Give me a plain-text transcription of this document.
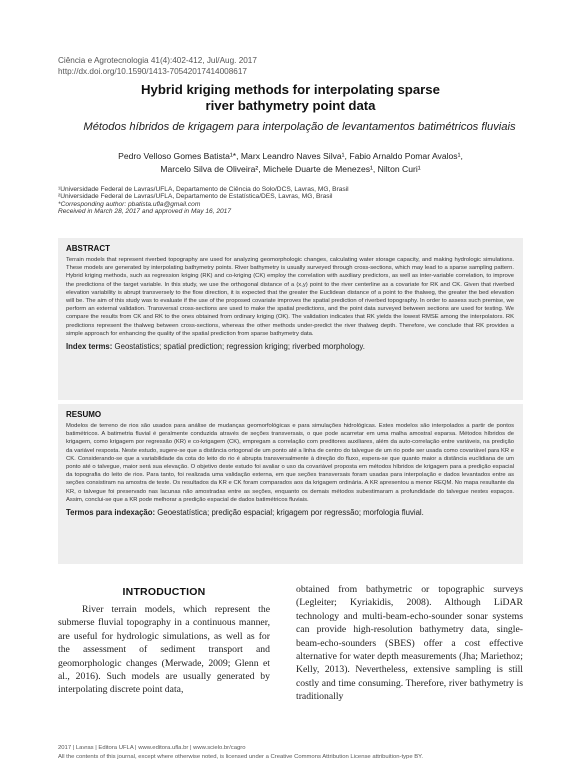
Ciência e Agrotecnologia 41(4):402-412, Jul/Aug. 2017
http://dx.doi.org/10.1590/1413-70542017414008617
Hybrid kriging methods for interpolating sparse
river bathymetry point data
Métodos híbridos de krigagem para interpolação de levantamentos batimétricos fluviais
Pedro Velloso Gomes Batista¹*, Marx Leandro Naves Silva¹, Fabio Arnaldo Pomar Avalos¹,
Marcelo Silva de Oliveira², Michele Duarte de Menezes¹, Nilton Curi¹
¹Universidade Federal de Lavras/UFLA, Departamento de Ciência do Solo/DCS, Lavras, MG, Brasil
²Universidade Federal de Lavras/UFLA, Departamento de Estatística/DES, Lavras, MG, Brasil
*Corresponding author: pbatista.ufla@gmail.com
Received in March 28, 2017 and approved in May 16, 2017
ABSTRACT
Terrain models that represent riverbed topography are used for analyzing geomorphologic changes, calculating water storage capacity, and making hydrologic simulations. These models are generated by interpolating bathymetry points. River bathymetry is usually surveyed through cross-sections, which may lead to a sparse sampling pattern. Hybrid kriging methods, such as regression kriging (RK) and co-kriging (CK) employ the correlation with auxiliary predictors, as well as inter-variable correlation, to improve the predictions of the target variable. In this study, we use the orthogonal distance of a (x,y) point to the river centerline as a covariate for RK and CK. Given that riverbed elevation variability is abrupt transversely to the flow direction, it is expected that the greater the Euclidean distance of a point to the thalweg, the greater the bed elevation will be. The aim of this study was to evaluate if the use of the proposed covariate improves the spatial prediction of riverbed topography. In order to assess such premise, we perform an external validation. Transversal cross-sections are used to make the spatial predictions, and the point data surveyed between sections are used for testing. We compare the results from CK and RK to the ones obtained from ordinary kriging (OK). The validation indicates that RK yields the lowest RMSE among the interpolators. RK predictions represent the thalweg between cross-sections, whereas the other methods under-predict the river thalweg depth. Therefore, we conclude that RK provides a simple approach for enhancing the quality of the spatial prediction from sparse bathymetry data.
Index terms: Geostatistics; spatial prediction; regression kriging; riverbed morphology.
RESUMO
Modelos de terreno de rios são usados para análise de mudanças geomorfológicas e para simulações hidrológicas. Estes modelos são interpolados a partir de pontos batimétricos. A batimetria fluvial é geralmente conduzida através de seções transversais, o que pode acarretar em uma malha amostral esparsa. Métodos híbridos de krigagem, como krigagem por regressão (KR) e co-krigagem (CK), empregam a correlação com preditores auxiliares, além da auto-correlação entre variáveis, na predição da variável resposta. Neste estudo, sugere-se que a distância ortogonal de um ponto até a linha de centro do talvegue de um rio pode ser usada como covariável para KR e CK. Considerando-se que a variabilidade da cota do leito do rio é abrupta transversalmente à direção do fluxo, espera-se que quanto maior a distância euclidiana de um ponto até o talvegue, maior será sua elevação. O objetivo deste estudo foi avaliar o uso da covariável proposta em métodos híbridos de krigagem para a predição espacial da topografia do leito de rios. Para tanto, foi realizada uma validação externa, em que seções transversais foram usadas para interpolação e dados levantados entre as seções consistiram na amostra de teste. Os resultados da KR e CK foram comparados aos da krigagem ordinária. A KR apresentou a menor REQM. No mapa resultante da KR, o talvegue foi preservado nas lacunas não amostradas entre as seções, enquanto os demais métodos subestimaram a profundidade do talvegue nestes espaços. Assim, conclui-se que a KR pode melhorar a predição espacial de dados batimétricos fluviais.
Termos para indexação: Geoestatística; predição espacial; krigagem por regressão; morfologia fluvial.
INTRODUCTION

River terrain models, which represent the submerse fluvial topography in a continuous manner, are useful for hydrologic simulations, as well as for the assessment of sediment transport and geomorphologic changes (Merwade, 2009; Glenn et al., 2016). Such models are usually generated by interpolating discrete point data,

obtained from bathymetric or topographic surveys (Legleiter; Kyriakidis, 2008). Although LiDAR technology and multi-beam-echo-sounder sonar systems can provide high-resolution bathymetry data, single-beam-echo-sounders (SBES) offer a cost effective alternative for water depth measurements (Jha; Mariethoz; Kelly, 2013). Nevertheless, extensive sampling is still costly and time consuming. Therefore, river bathymetry is traditionally

2017 | Lavras | Editora UFLA | www.editora.ufla.br | www.scielo.br/cagro
All the contents of this journal, except where otherwise noted, is licensed under a Creative Commons Attribution License attribuition-type BY.
